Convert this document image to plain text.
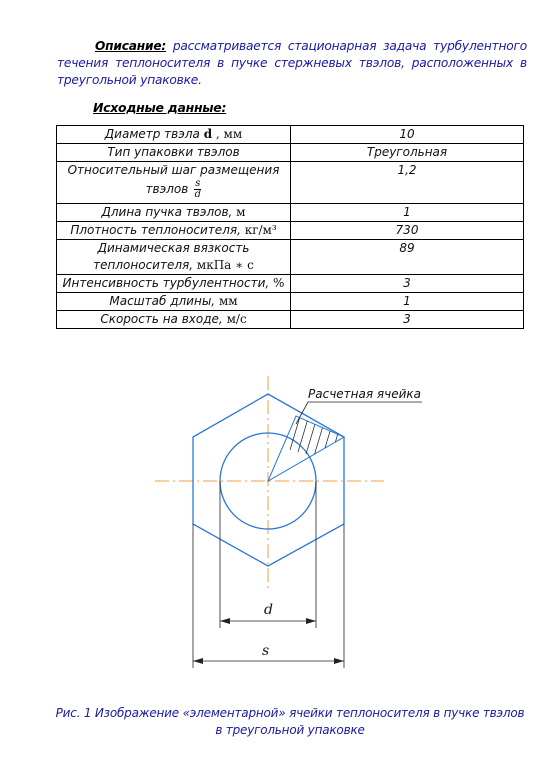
Описание: рассматривается стационарная задача турбулентного течения теплоносителя в пучке стержневых твэлов, расположенных в треугольной упаковке.
Исходные данные:
Диаметр твэла d , мм	10
Тип упаковки твэлов	Треугольная
Относительный шаг размещения твэлов $\frac{s}{d}$	1,2
Длина пучка твэлов, м	1
Плотность теплоносителя, кг/м³	730
Динамическая вязкость теплоносителя, мкПа ∗ с	89
Интенсивность турбулентности, %	3
Масштаб длины, мм	1
Скорость на входе, м/с	3
Расчетная ячейка
d
s
Рис. 1 Изображение «элементарной» ячейки теплоносителя в пучке твэлов в треугольной упаковке
